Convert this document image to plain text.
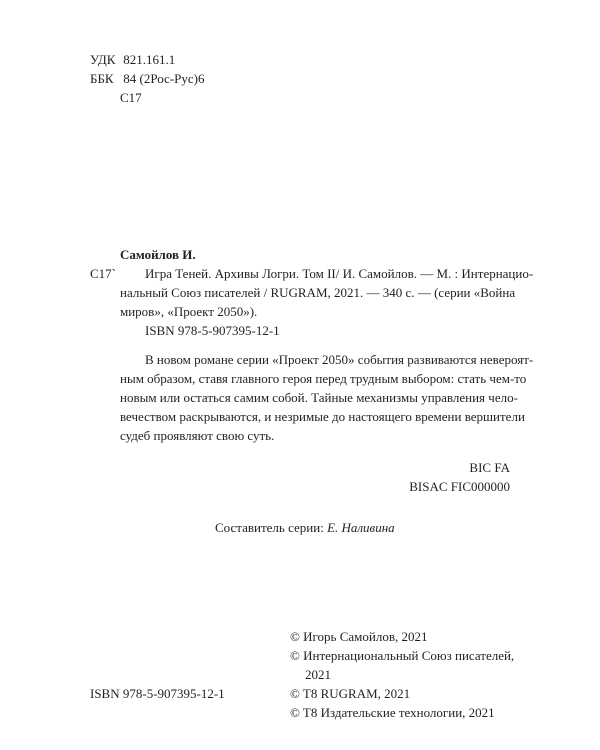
УДК 821.161.1
ББК 84 (2Рос-Рус)6
С17
Самойлов И.
С17`	Игра Теней. Архивы Логри. Том II/ И. Самойлов. — М. : Интернацио-
нальный Союз писателей / RUGRAM, 2021. — 340 с. — (серии «Война
миров», «Проект 2050»).
ISBN 978-5-907395-12-1
В новом романе серии «Проект 2050» события развиваются невероят-
ным образом, ставя главного героя перед трудным выбором: стать чем-то
новым или остаться самим собой. Тайные механизмы управления чело-
вечеством раскрываются, и незримые до настоящего времени вершители
судеб проявляют свою суть.
BIC FA
BISAC FIC000000
Составитель серии: Е. Наливина
ISBN 978-5-907395-12-1
© Игорь Самойлов, 2021
© Интернациональный Союз писателей,
2021
© T8 RUGRAM, 2021
© T8 Издательские технологии, 2021
